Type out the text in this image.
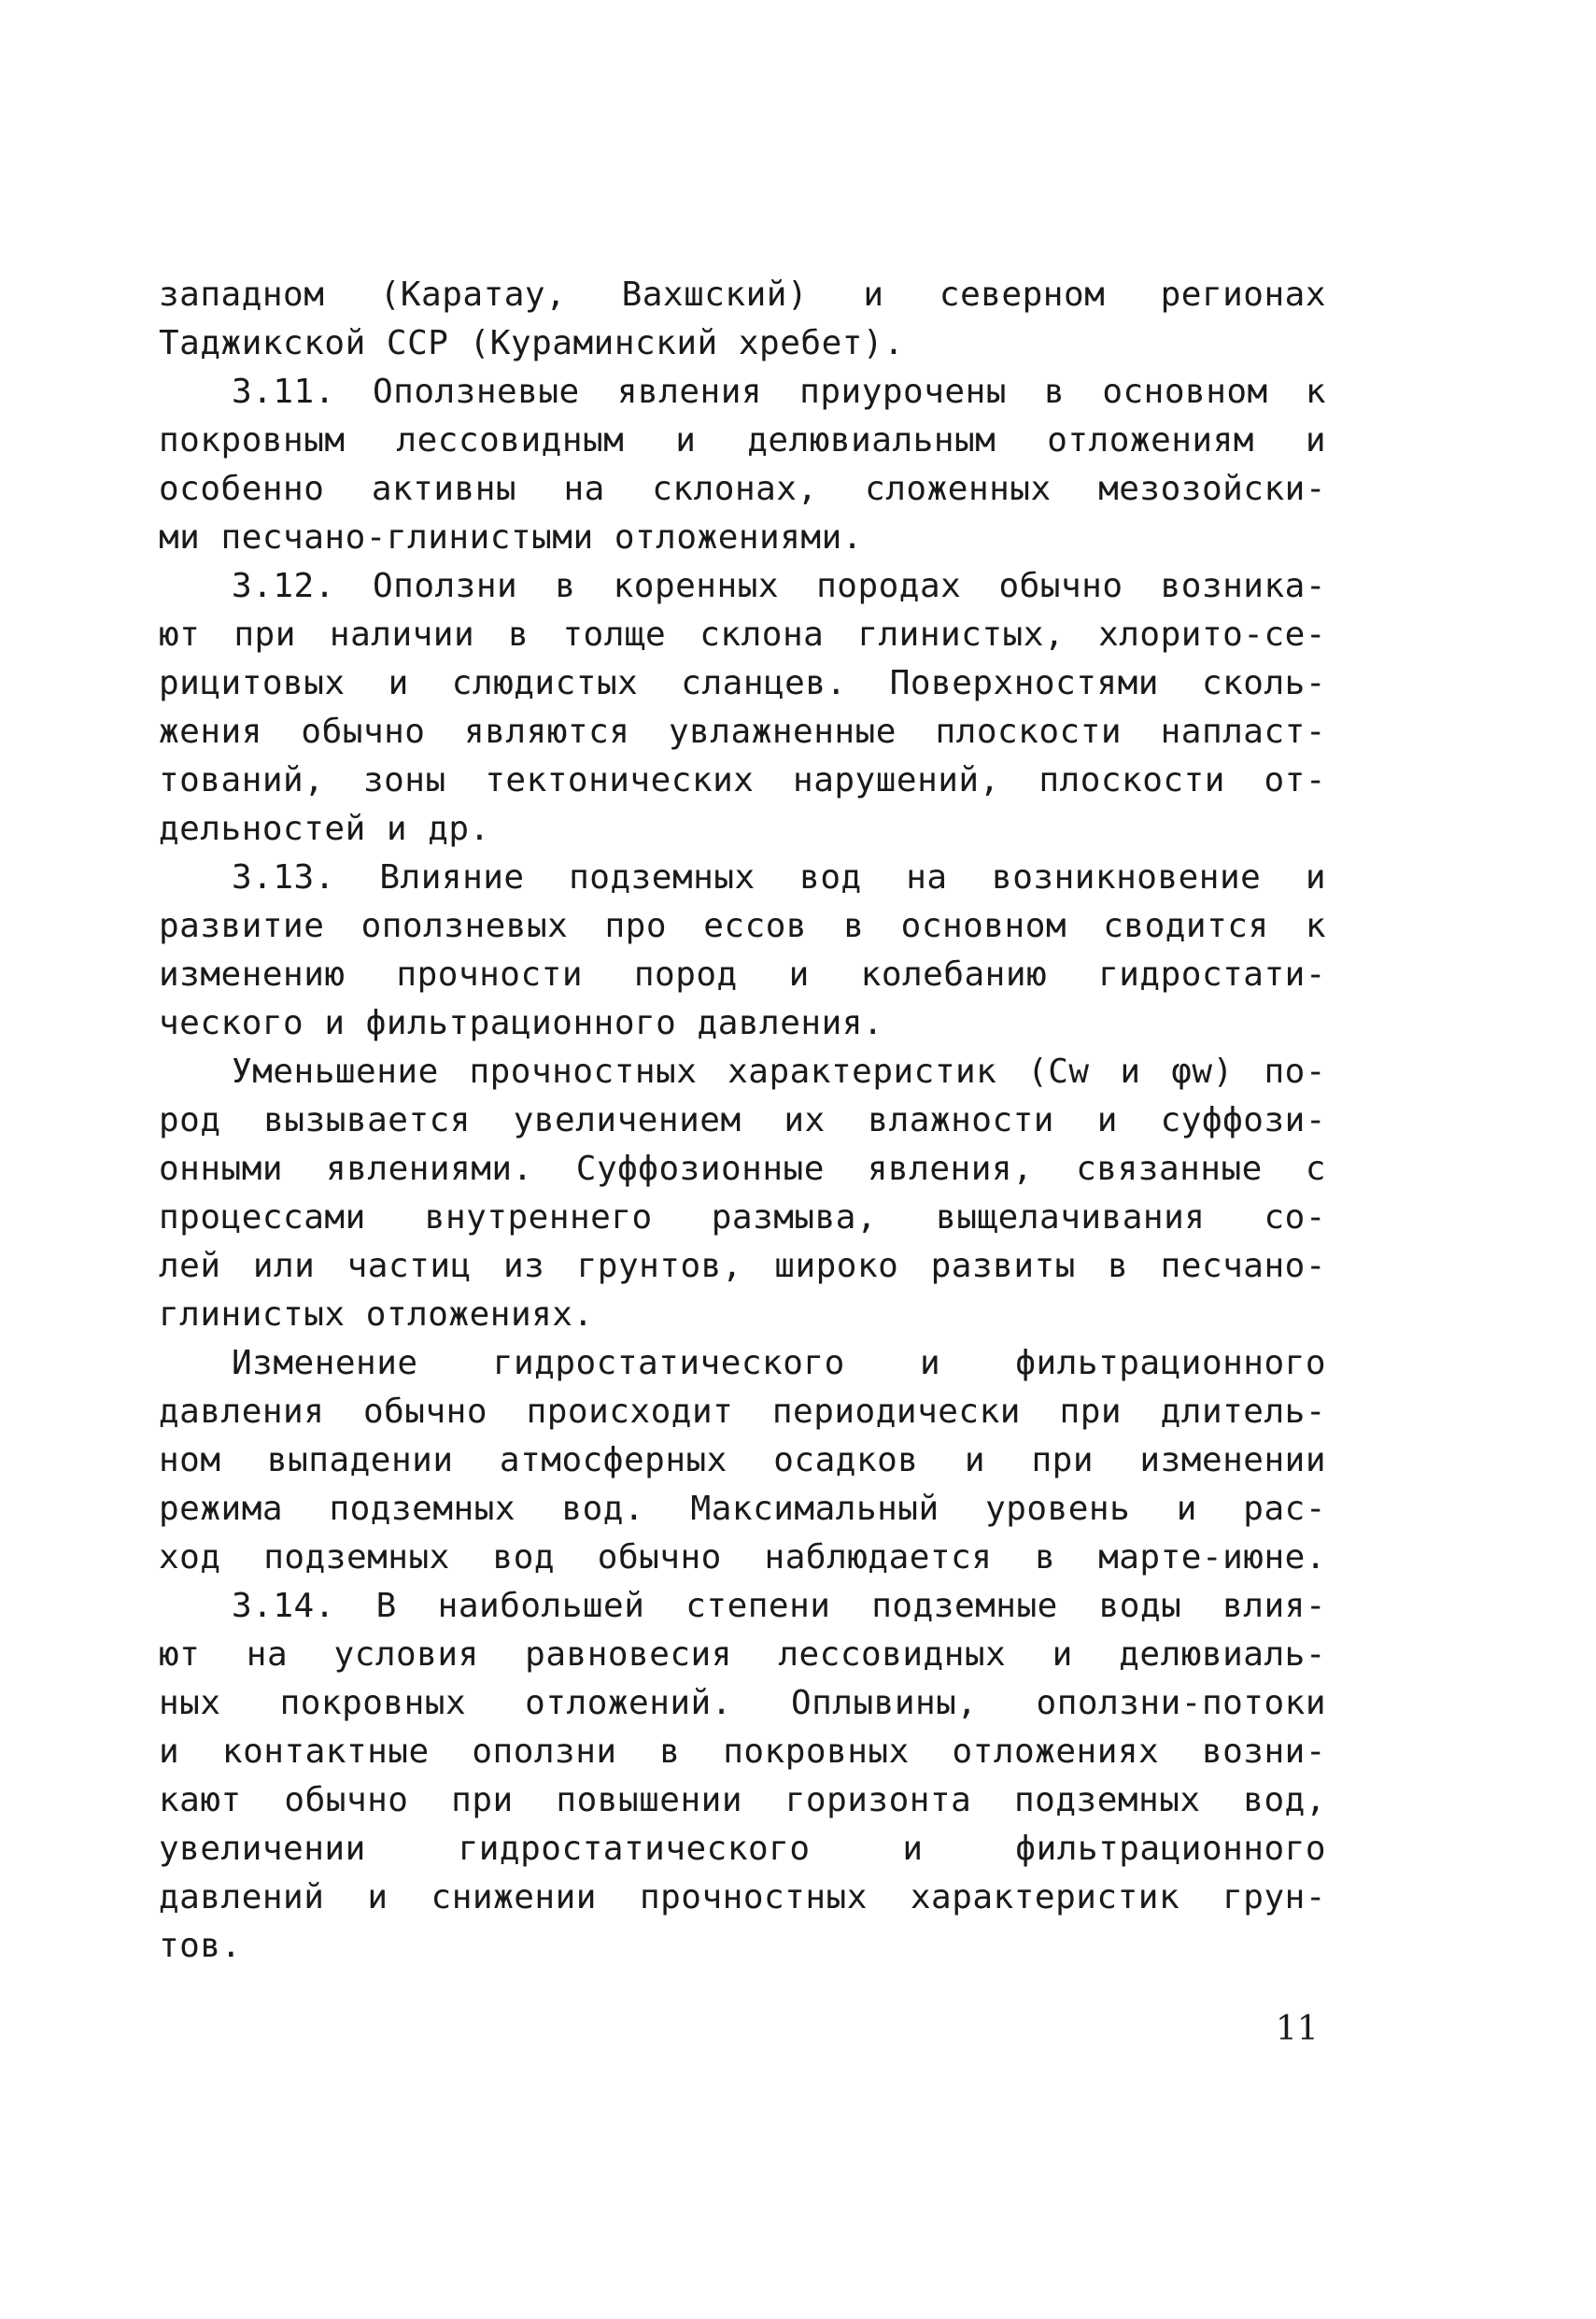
западном (Каратау, Вахшский) и северном регионах
Таджикской ССР (Кураминский хребет).
3.11. Оползневые явления приурочены в основном к
покровным лессовидным и делювиальным отложениям и
особенно активны на склонах, сложенных мезозойски-
ми песчано-глинистыми отложениями.
3.12. Оползни в коренных породах обычно возника-
ют при наличии в толще склона глинистых, хлорито-се-
рицитовых и слюдистых сланцев. Поверхностями сколь-
жения обычно являются увлажненные плоскости напласт-
тований, зоны тектонических нарушений, плоскости от-
дельностей и др.
3.13. Влияние подземных вод на возникновение и
развитие оползневых про ессов в основном сводится к
изменению прочности пород и колебанию гидростати-
ческого и фильтрационного давления.
Уменьшение прочностных характеристик (Cw и φw) по-
род вызывается увеличением их влажности и суффози-
онными явлениями. Суффозионные явления, связанные с
процессами внутреннего размыва, выщелачивания со-
лей или частиц из грунтов, широко развиты в песчано-
глинистых отложениях.
Изменение гидростатического и фильтрационного
давления обычно происходит периодически при длитель-
ном выпадении атмосферных осадков и при изменении
режима подземных вод. Максимальный уровень и рас-
ход подземных вод обычно наблюдается в марте-июне.
3.14. В наибольшей степени подземные воды влия-
ют на условия равновесия лессовидных и делювиаль-
ных покровных отложений. Оплывины, оползни-потоки
и контактные оползни в покровных отложениях возни-
кают обычно при повышении горизонта подземных вод,
увеличении гидростатического и фильтрационного
давлений и снижении прочностных характеристик грун-
тов.
11
